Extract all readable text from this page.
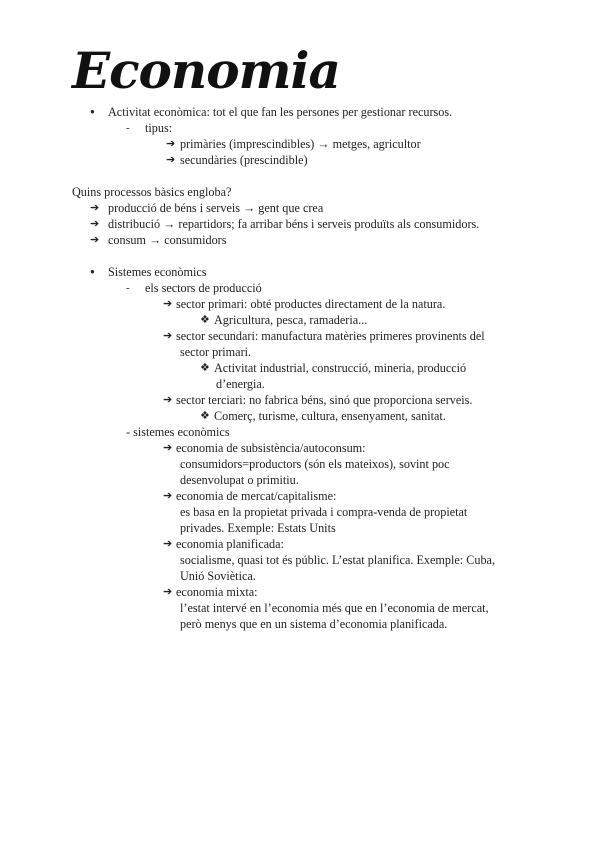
Economia
● Activitat econòmica: tot el que fan les persones per gestionar recursos.
- tipus:
➔ primàries (imprescindibles) → metges, agricultor
➔ secundàries (prescindible)
Quins processos bàsics engloba?
➔ producció de béns i serveis → gent que crea
➔ distribució → repartidors; fa arribar béns i serveis produïts als consumidors.
➔ consum → consumidors
● Sistemes econòmics
- els sectors de producció
➔ sector primari: obté productes directament de la natura.
❖ Agricultura, pesca, ramaderia...
➔ sector secundari: manufactura matèries primeres provinents del
sector primari.
❖ Activitat industrial, construcció, mineria, producció
d’energia.
➔ sector terciari: no fabrica béns, sinó que proporciona serveis.
❖ Comerç, turisme, cultura, ensenyament, sanitat.
- sistemes econòmics
➔ economia de subsistència/autoconsum:
consumidors=productors (són els mateixos), sovint poc
desenvolupat o primitiu.
➔ economia de mercat/capitalisme:
es basa en la propietat privada i compra-venda de propietat
privades. Exemple: Estats Units
➔ economia planificada:
socialisme, quasi tot és públic. L’estat planifica. Exemple: Cuba,
Unió Soviètica.
➔ economia mixta:
l’estat intervé en l’economia més que en l’economia de mercat,
però menys que en un sistema d’economia planificada.
